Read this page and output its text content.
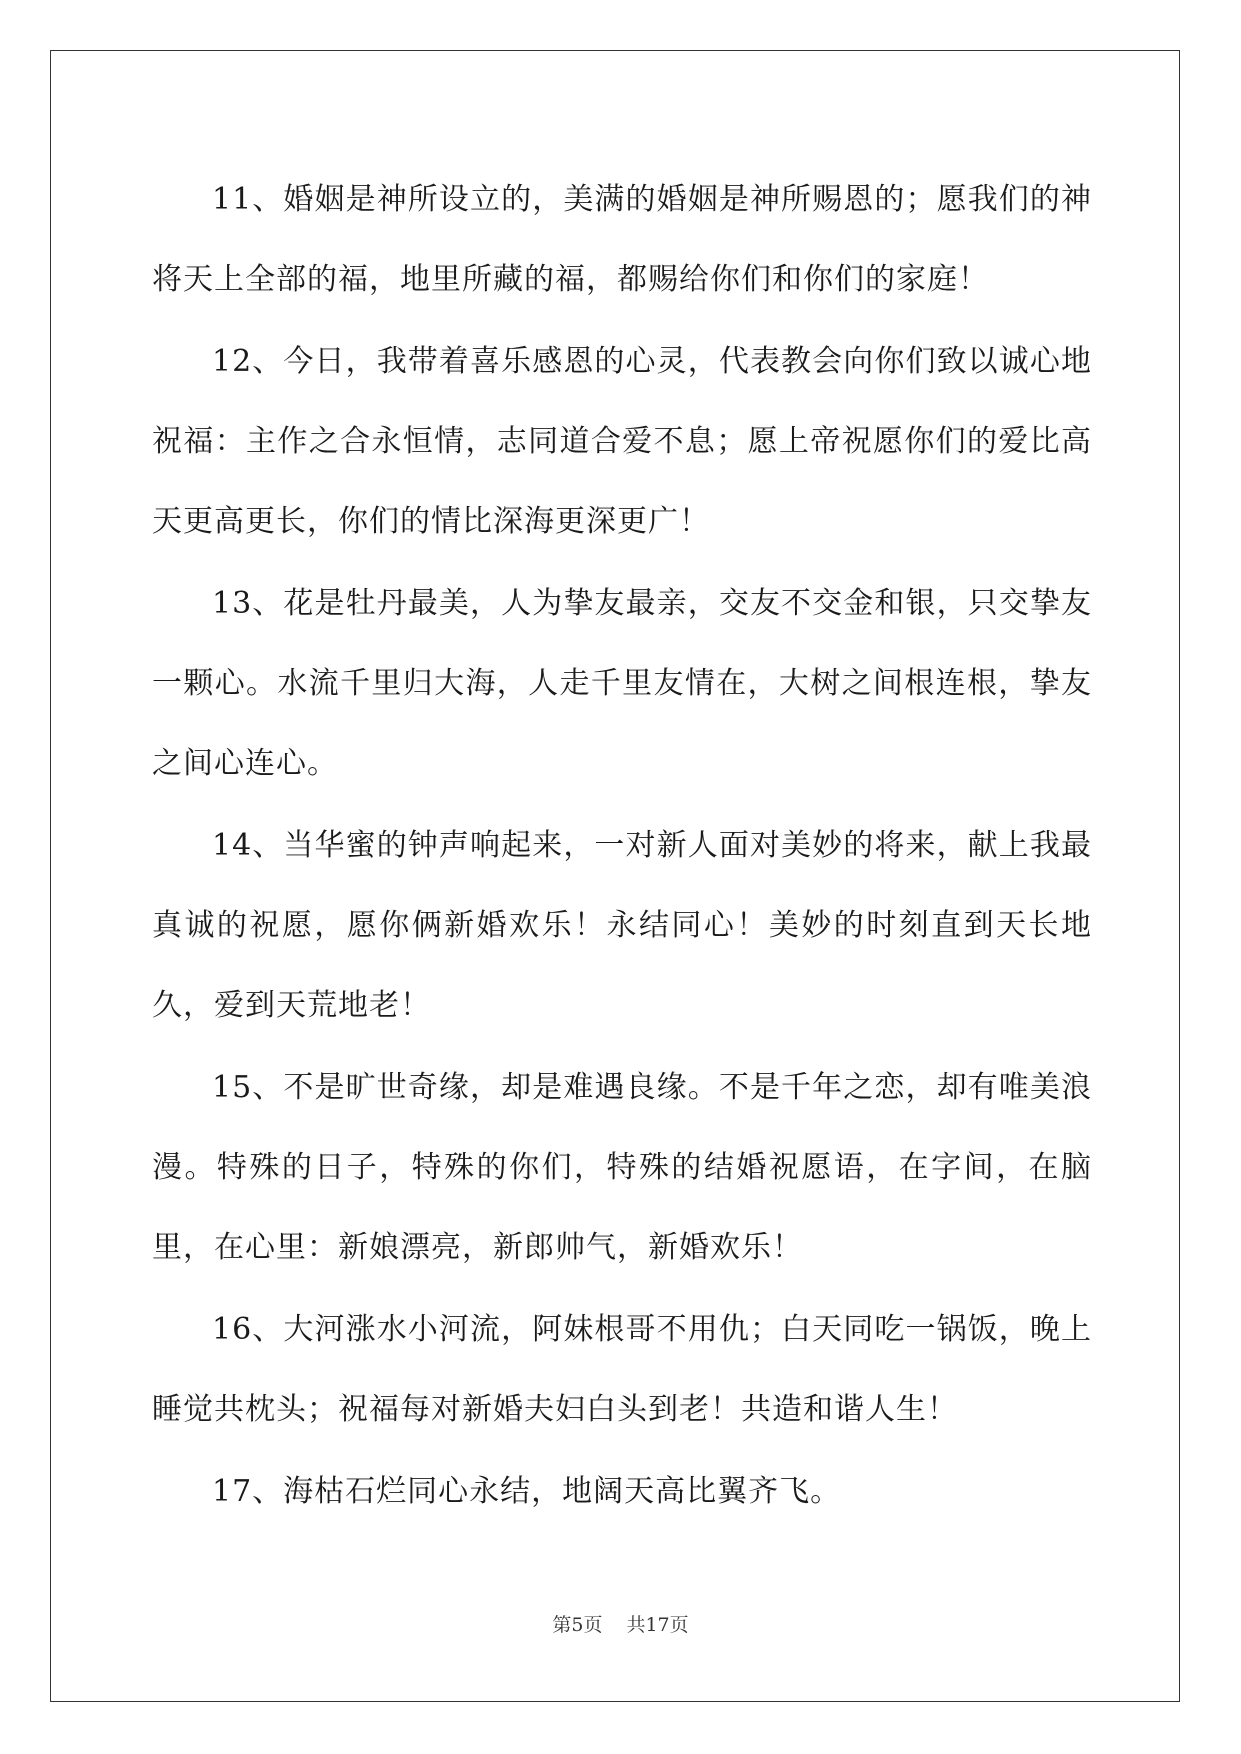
11、婚姻是神所设立的，美满的婚姻是神所赐恩的；愿我们的神将天上全部的福，地里所藏的福，都赐给你们和你们的家庭！

12、今日，我带着喜乐感恩的心灵，代表教会向你们致以诚心地祝福：主作之合永恒情，志同道合爱不息；愿上帝祝愿你们的爱比高天更高更长，你们的情比深海更深更广！

13、花是牡丹最美，人为挚友最亲，交友不交金和银，只交挚友一颗心。水流千里归大海，人走千里友情在，大树之间根连根，挚友之间心连心。

14、当华蜜的钟声响起来，一对新人面对美妙的将来，献上我最真诚的祝愿，愿你俩新婚欢乐！永结同心！美妙的时刻直到天长地久，爱到天荒地老！

15、不是旷世奇缘，却是难遇良缘。不是千年之恋，却有唯美浪漫。特殊的日子，特殊的你们，特殊的结婚祝愿语，在字间，在脑里，在心里：新娘漂亮，新郎帅气，新婚欢乐！

16、大河涨水小河流，阿妹根哥不用仇；白天同吃一锅饭，晚上睡觉共枕头；祝福每对新婚夫妇白头到老！共造和谐人生！

17、海枯石烂同心永结，地阔天高比翼齐飞。

第5页 共17页
